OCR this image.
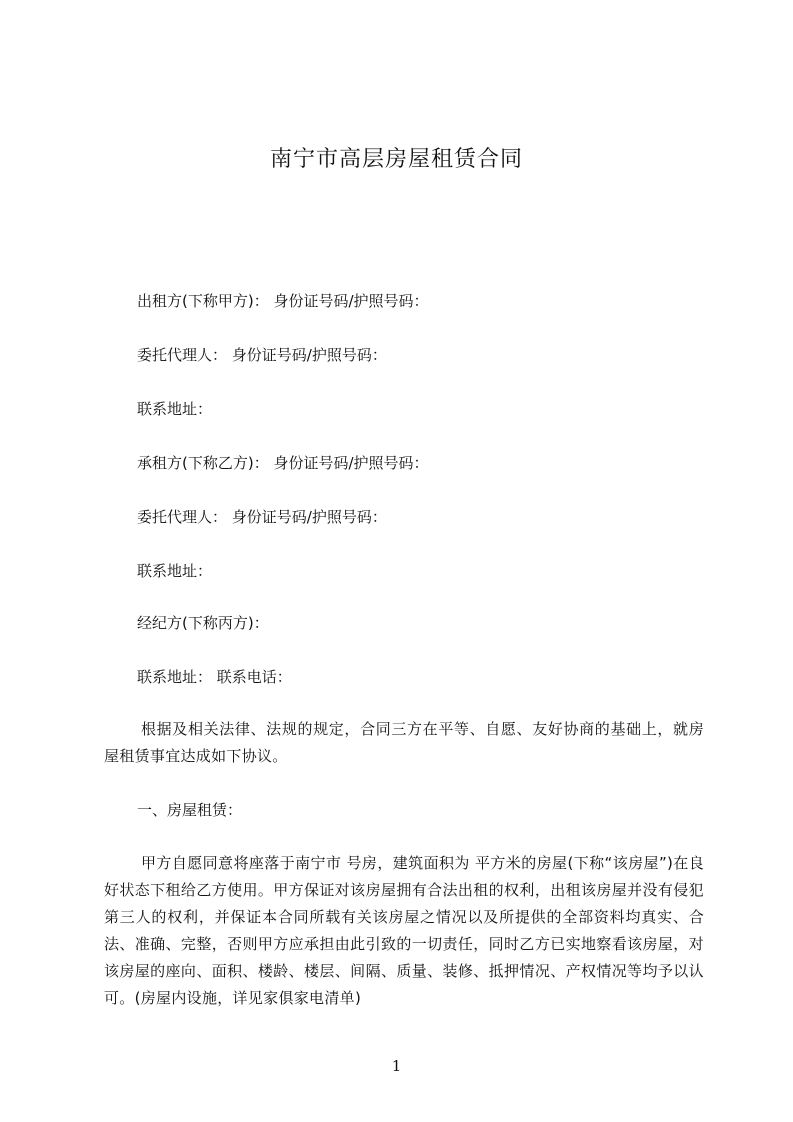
南宁市高层房屋租赁合同
出租方(下称甲方)： 身份证号码/护照号码：
委托代理人： 身份证号码/护照号码：
联系地址：
承租方(下称乙方)： 身份证号码/护照号码：
委托代理人： 身份证号码/护照号码：
联系地址：
经纪方(下称丙方)：
联系地址： 联系电话：
根据及相关法律、法规的规定，合同三方在平等、自愿、友好协商的基础上，就房屋租赁事宜达成如下协议。
一、房屋租赁：
甲方自愿同意将座落于南宁市 号房，建筑面积为 平方米的房屋(下称“该房屋”)在良好状态下租给乙方使用。甲方保证对该房屋拥有合法出租的权利，出租该房屋并没有侵犯第三人的权利，并保证本合同所载有关该房屋之情况以及所提供的全部资料均真实、合法、准确、完整，否则甲方应承担由此引致的一切责任，同时乙方已实地察看该房屋，对该房屋的座向、面积、楼龄、楼层、间隔、质量、装修、抵押情况、产权情况等均予以认可。(房屋内设施，详见家俱家电清单)
1
